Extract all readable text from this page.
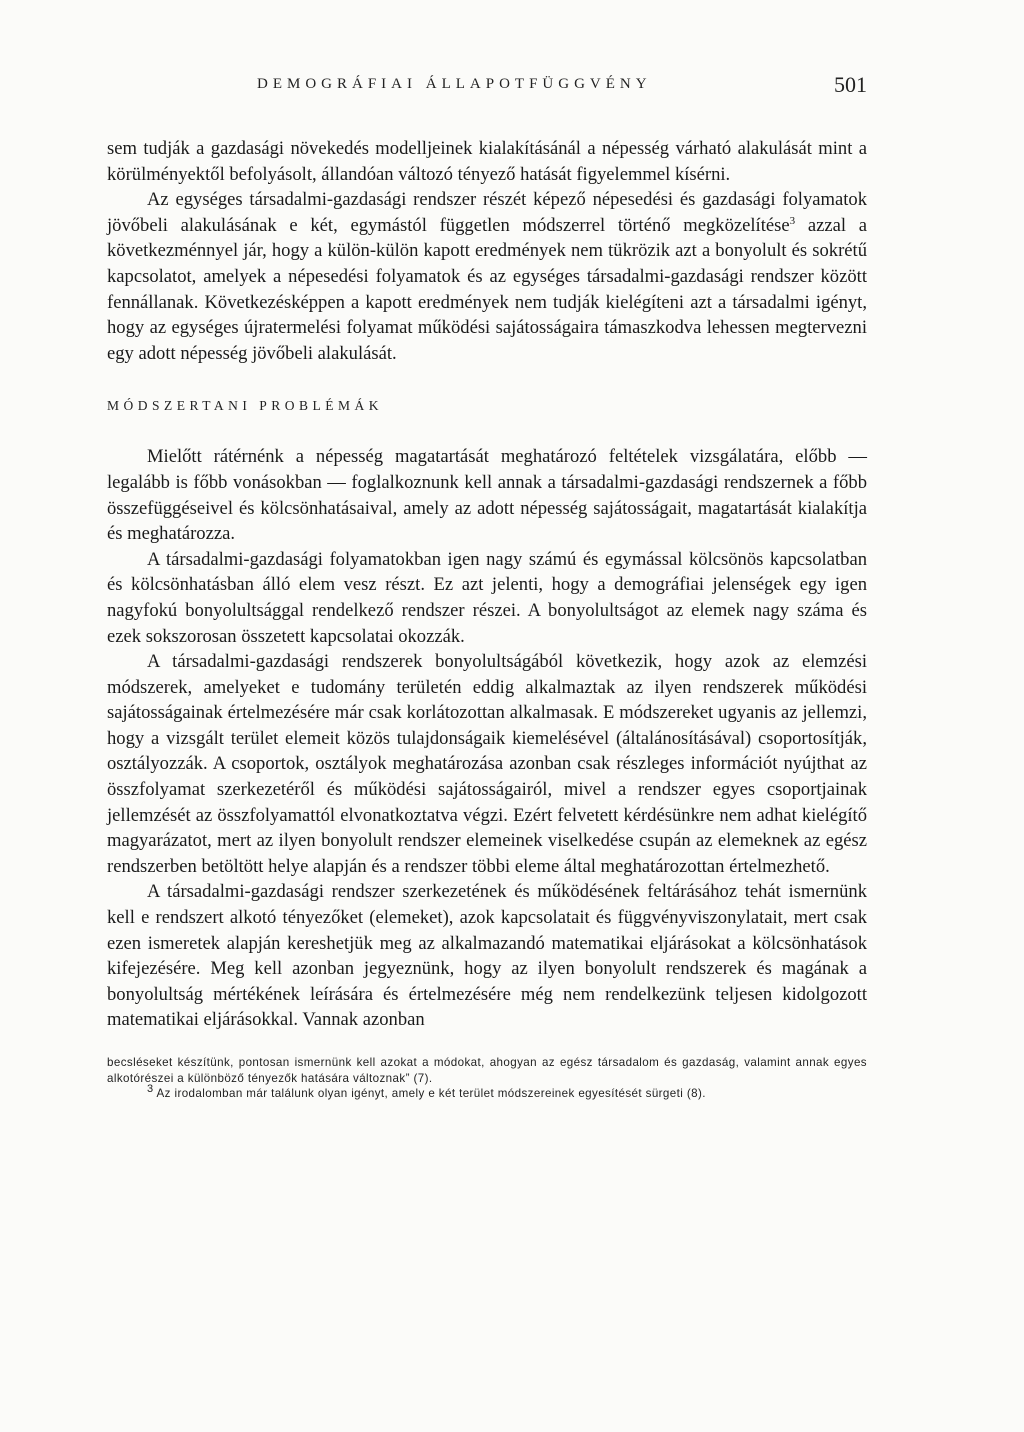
DEMOGRÁFIAI ÁLLAPOTFÜGGVÉNY	501

sem tudják a gazdasági növekedés modelljeinek kialakításánál a népesség várható alakulását mint a körülményektől befolyásolt, állandóan változó tényező hatását figyelemmel kísérni.

Az egységes társadalmi-gazdasági rendszer részét képező népesedési és gazdasági folyamatok jövőbeli alakulásának e két, egymástól független módszerrel történő megközelítése$^3$ azzal a következménnyel jár, hogy a külön-külön kapott eredmények nem tükrözik azt a bonyolult és sokrétű kapcsolatot, amelyek a népesedési folyamatok és az egységes társadalmi-gazdasági rendszer között fennállanak. Következésképpen a kapott eredmények nem tudják kielégíteni azt a társadalmi igényt, hogy az egységes újratermelési folyamat működési sajátosságaira támaszkodva lehessen megtervezni egy adott népesség jövőbeli alakulását.

MÓDSZERTANI PROBLÉMÁK

Mielőtt rátérnénk a népesség magatartását meghatározó feltételek vizsgálatára, előbb — legalább is főbb vonásokban — foglalkoznunk kell annak a társadalmi-gazdasági rendszernek a főbb összefüggéseivel és kölcsönhatásaival, amely az adott népesség sajátosságait, magatartását kialakítja és meghatározza.

A társadalmi-gazdasági folyamatokban igen nagy számú és egymással kölcsönös kapcsolatban és kölcsönhatásban álló elem vesz részt. Ez azt jelenti, hogy a demográfiai jelenségek egy igen nagyfokú bonyolultsággal rendelkező rendszer részei. A bonyolultságot az elemek nagy száma és ezek sokszorosan összetett kapcsolatai okozzák.

A társadalmi-gazdasági rendszerek bonyolultságából következik, hogy azok az elemzési módszerek, amelyeket e tudomány területén eddig alkalmaztak az ilyen rendszerek működési sajátosságainak értelmezésére már csak korlátozottan alkalmasak. E módszereket ugyanis az jellemzi, hogy a vizsgált terület elemeit közös tulajdonságaik kiemelésével (általánosításával) csoportosítják, osztályozzák. A csoportok, osztályok meghatározása azonban csak részleges információt nyújthat az összfolyamat szerkezetéről és működési sajátosságairól, mivel a rendszer egyes csoportjainak jellemzését az összfolyamattól elvonatkoztatva végzi. Ezért felvetett kérdésünkre nem adhat kielégítő magyarázatot, mert az ilyen bonyolult rendszer elemeinek viselkedése csupán az elemeknek az egész rendszerben betöltött helye alapján és a rendszer többi eleme által meghatározottan értelmezhető.

A társadalmi-gazdasági rendszer szerkezetének és működésének feltárásához tehát ismernünk kell e rendszert alkotó tényezőket (elemeket), azok kapcsolatait és függvényviszonylatait, mert csak ezen ismeretek alapján kereshetjük meg az alkalmazandó matematikai eljárásokat a kölcsönhatások kifejezésére. Meg kell azonban jegyeznünk, hogy az ilyen bonyolult rendszerek és magának a bonyolultság mértékének leírására és értelmezésére még nem rendelkezünk teljesen kidolgozott matematikai eljárásokkal. Vannak azonban

becsléseket készítünk, pontosan ismernünk kell azokat a módokat, ahogyan az egész társadalom és gazdaság, valamint annak egyes alkotórészei a különböző tényezők hatására változnak” (7).

$^3$ Az irodalomban már találunk olyan igényt, amely e két terület módszereinek egyesítését sürgeti (8).
